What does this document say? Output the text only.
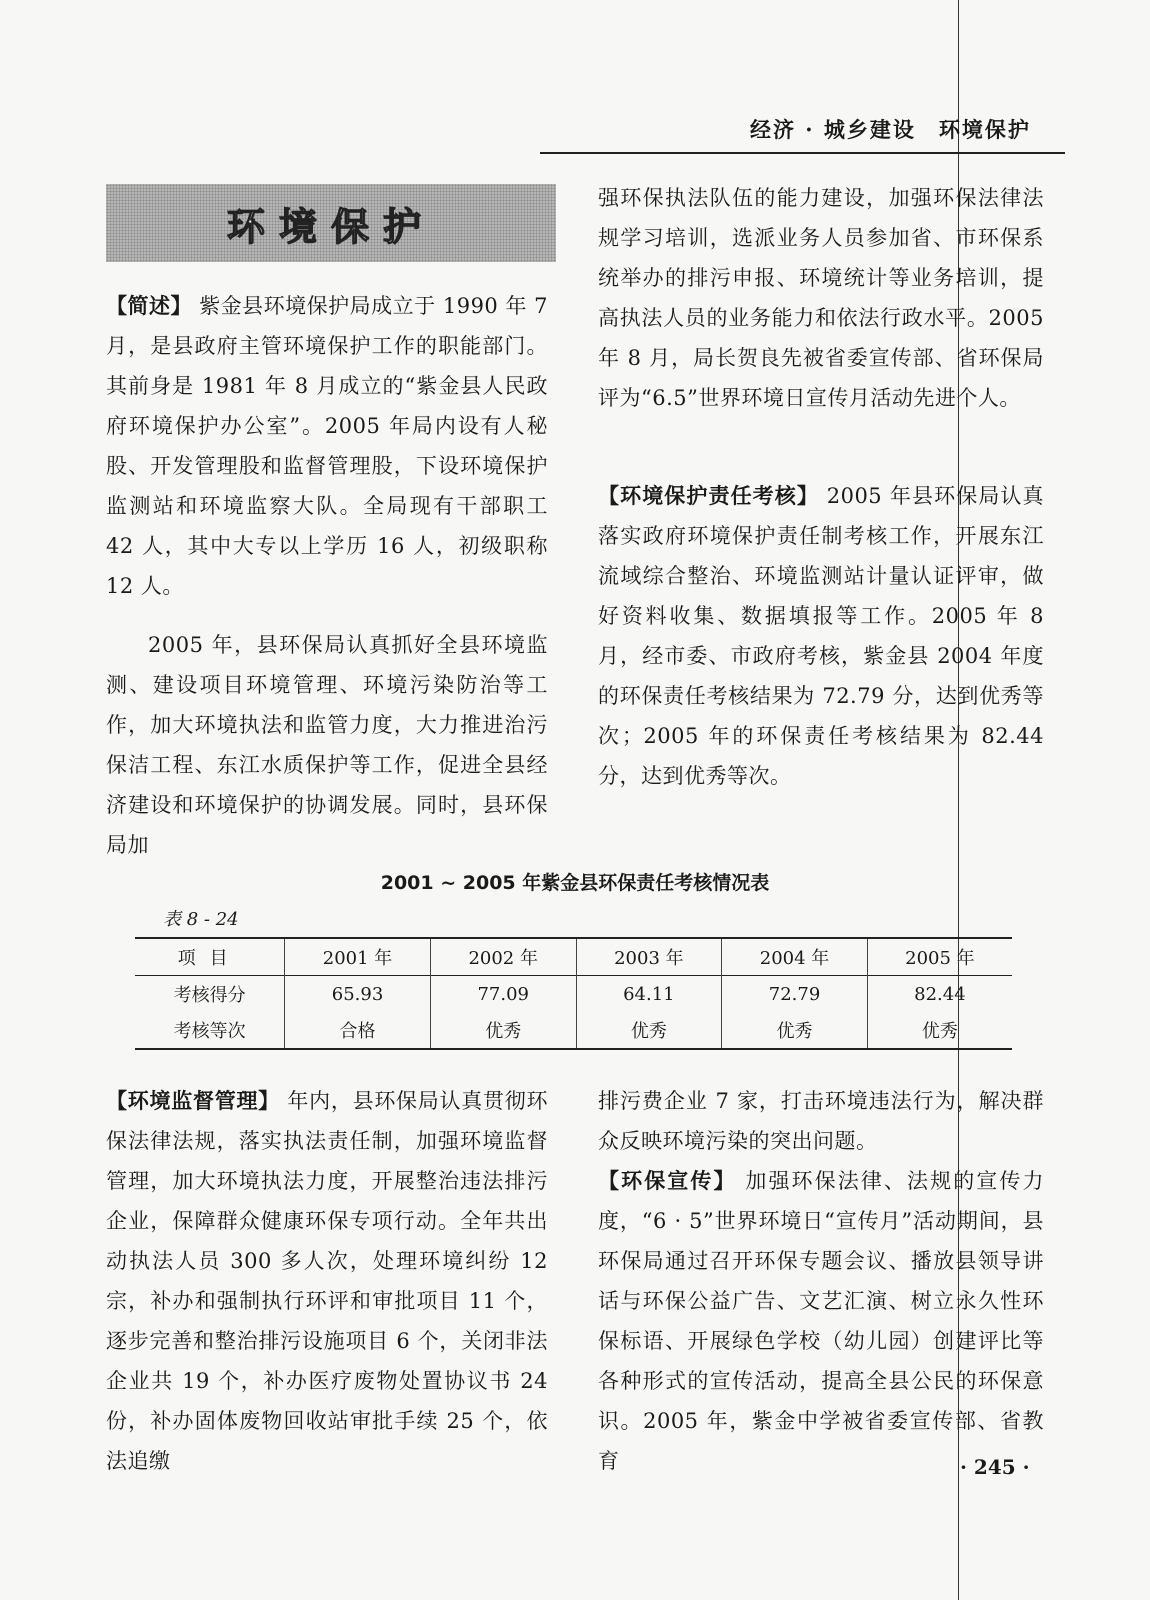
经济 · 城乡建设　环境保护
环境保护

【简述】 紫金县环境保护局成立于 1990 年 7 月，是县政府主管环境保护工作的职能部门。其前身是 1981 年 8 月成立的“紫金县人民政府环境保护办公室”。2005 年局内设有人秘股、开发管理股和监督管理股，下设环境保护监测站和环境监察大队。全局现有干部职工 42 人，其中大专以上学历 16 人，初级职称 12 人。

2005 年，县环保局认真抓好全县环境监测、建设项目环境管理、环境污染防治等工作，加大环境执法和监管力度，大力推进治污保洁工程、东江水质保护等工作，促进全县经济建设和环境保护的协调发展。同时，县环保局加

强环保执法队伍的能力建设，加强环保法律法规学习培训，选派业务人员参加省、市环保系统举办的排污申报、环境统计等业务培训，提高执法人员的业务能力和依法行政水平。2005 年 8 月，局长贺良先被省委宣传部、省环保局评为“6.5”世界环境日宣传月活动先进个人。

【环境保护责任考核】 2005 年县环保局认真落实政府环境保护责任制考核工作，开展东江流域综合整治、环境监测站计量认证评审，做好资料收集、数据填报等工作。2005 年 8 月，经市委、市政府考核，紫金县 2004 年度的环保责任考核结果为 72.79 分，达到优秀等次；2005 年的环保责任考核结果为 82.44 分，达到优秀等次。

2001 ~ 2005 年紫金县环保责任考核情况表
表 8 - 24
项目	2001 年	2002 年	2003 年	2004 年	2005 年
考核得分	65.93	77.09	64.11	72.79	82.44
考核等次	合格	优秀	优秀	优秀	优秀

【环境监督管理】 年内，县环保局认真贯彻环保法律法规，落实执法责任制，加强环境监督管理，加大环境执法力度，开展整治违法排污企业，保障群众健康环保专项行动。全年共出动执法人员 300 多人次，处理环境纠纷 12 宗，补办和强制执行环评和审批项目 11 个，逐步完善和整治排污设施项目 6 个，关闭非法企业共 19 个，补办医疗废物处置协议书 24 份，补办固体废物回收站审批手续 25 个，依法追缴

排污费企业 7 家，打击环境违法行为，解决群众反映环境污染的突出问题。

【环保宣传】 加强环保法律、法规的宣传力度，“6 · 5”世界环境日“宣传月”活动期间，县环保局通过召开环保专题会议、播放县领导讲话与环保公益广告、文艺汇演、树立永久性环保标语、开展绿色学校（幼儿园）创建评比等各种形式的宣传活动，提高全县公民的环保意识。2005 年，紫金中学被省委宣传部、省教育	· 245 ·
